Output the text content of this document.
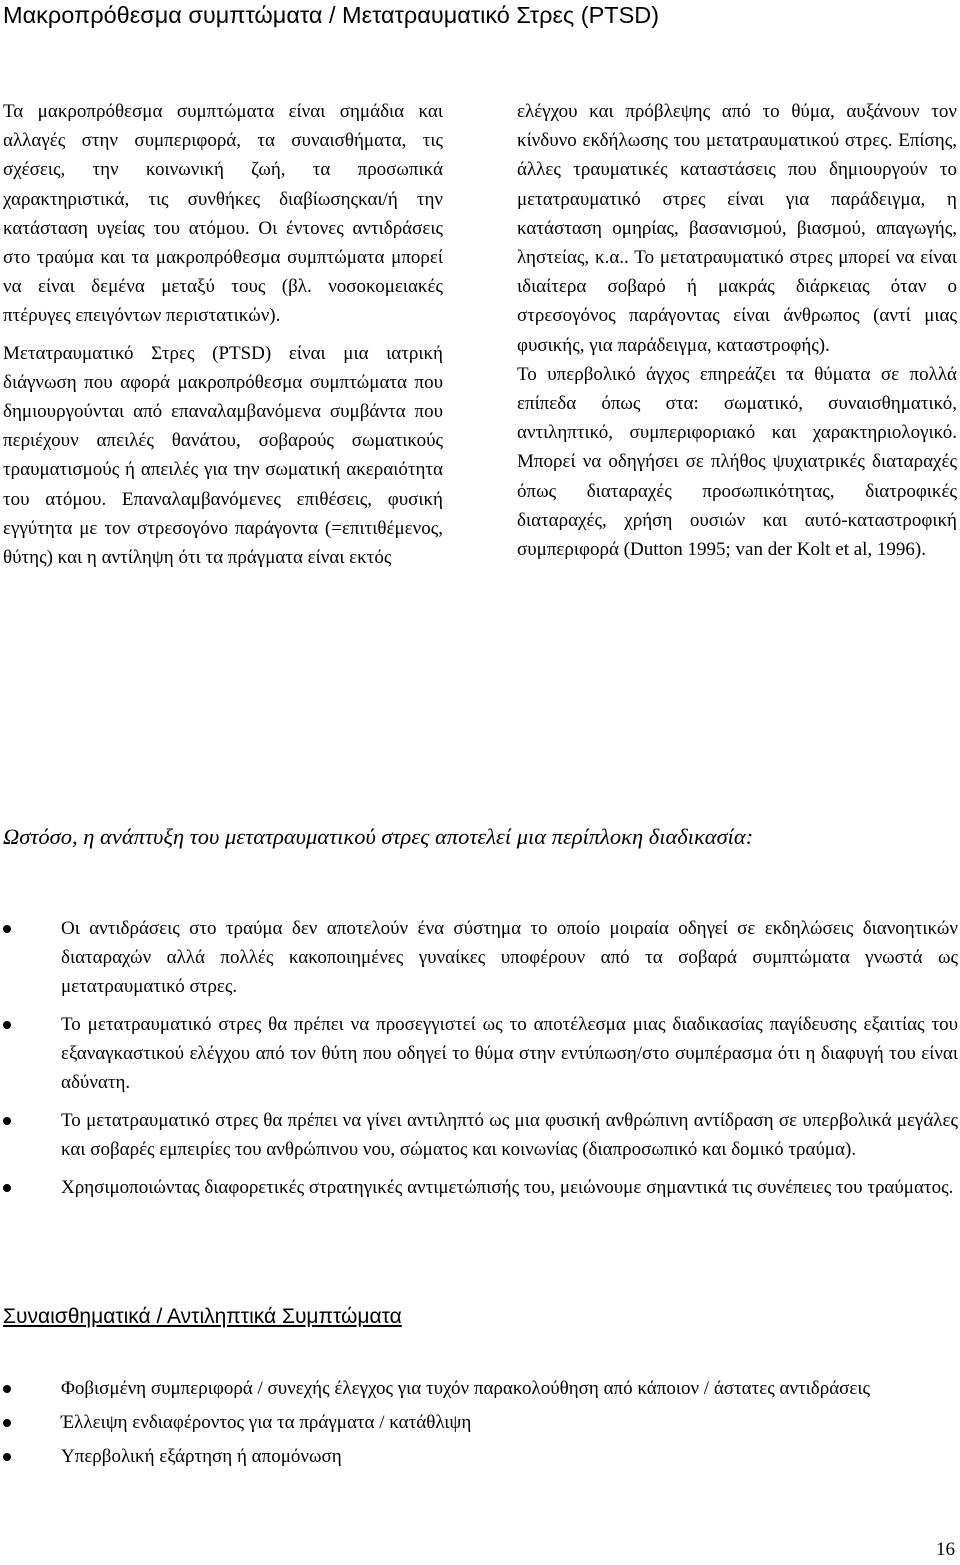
Μακροπρόθεσμα συμπτώματα / Μετατραυματικό Στρες (PTSD)

Τα μακροπρόθεσμα συμπτώματα είναι σημάδια και αλλαγές στην συμπεριφορά, τα συναισθήματα, τις σχέσεις, την κοινωνική ζωή, τα προσωπικά χαρακτηριστικά, τις συνθήκες διαβίωσηςκαι/ή την κατάσταση υγείας του ατόμου. Οι έντονες αντιδράσεις στο τραύμα και τα μακροπρόθεσμα συμπτώματα μπορεί να είναι δεμένα μεταξύ τους (βλ. νοσοκομειακές πτέρυγες επειγόντων περιστατικών).

Μετατραυματικό Στρες (PTSD) είναι μια ιατρική διάγνωση που αφορά μακροπρόθεσμα συμπτώματα που δημιουργούνται από επαναλαμβανόμενα συμβάντα που περιέχουν απειλές θανάτου, σοβαρούς σωματικούς τραυματισμούς ή απειλές για την σωματική ακεραιότητα του ατόμου. Επαναλαμβανόμενες επιθέσεις, φυσική εγγύτητα με τον στρεσογόνο παράγοντα (=επιτιθέμενος, θύτης) και η αντίληψη ότι τα πράγματα είναι εκτός

ελέγχου και πρόβλεψης από το θύμα, αυξάνουν τον κίνδυνο εκδήλωσης του μετατραυματικού στρες. Επίσης, άλλες τραυματικές καταστάσεις που δημιουργούν το μετατραυματικό στρες είναι για παράδειγμα, η κατάσταση ομηρίας, βασανισμού, βιασμού, απαγωγής, ληστείας, κ.α.. Το μετατραυματικό στρες μπορεί να είναι ιδιαίτερα σοβαρό ή μακράς διάρκειας όταν ο στρεσογόνος παράγοντας είναι άνθρωπος (αντί μιας φυσικής, για παράδειγμα, καταστροφής).

Το υπερβολικό άγχος επηρεάζει τα θύματα σε πολλά επίπεδα όπως στα: σωματικό, συναισθηματικό, αντιληπτικό, συμπεριφοριακό και χαρακτηριολογικό. Μπορεί να οδηγήσει σε πλήθος ψυχιατρικές διαταραχές όπως διαταραχές προσωπικότητας, διατροφικές διαταραχές, χρήση ουσιών και αυτό-καταστροφική συμπεριφορά (Dutton 1995; van der Kolt et al, 1996).

Ωστόσο, η ανάπτυξη του μετατραυματικού στρες αποτελεί μια περίπλοκη διαδικασία:

Οι αντιδράσεις στο τραύμα δεν αποτελούν ένα σύστημα το οποίο μοιραία οδηγεί σε εκδηλώσεις διανοητικών διαταραχών αλλά πολλές κακοποιημένες γυναίκες υποφέρουν από τα σοβαρά συμπτώματα γνωστά ως μετατραυματικό στρες.
Το μετατραυματικό στρες θα πρέπει να προσεγγιστεί ως το αποτέλεσμα μιας διαδικασίας παγίδευσης εξαιτίας του εξαναγκαστικού ελέγχου από τον θύτη που οδηγεί το θύμα στην εντύπωση/στο συμπέρασμα ότι η διαφυγή του είναι αδύνατη.
Το μετατραυματικό στρες θα πρέπει να γίνει αντιληπτό ως μια φυσική ανθρώπινη αντίδραση σε υπερβολικά μεγάλες και σοβαρές εμπειρίες του ανθρώπινου νου, σώματος και κοινωνίας (διαπροσωπικό και δομικό τραύμα).
Χρησιμοποιώντας διαφορετικές στρατηγικές αντιμετώπισής του, μειώνουμε σημαντικά τις συνέπειες του τραύματος.
Συναισθηματικά / Αντιληπτικά Συμπτώματα
Φοβισμένη συμπεριφορά / συνεχής έλεγχος για τυχόν παρακολούθηση από κάποιον / άστατες αντιδράσεις
Έλλειψη ενδιαφέροντος για τα πράγματα / κατάθλιψη
Υπερβολική εξάρτηση ή απομόνωση
16
